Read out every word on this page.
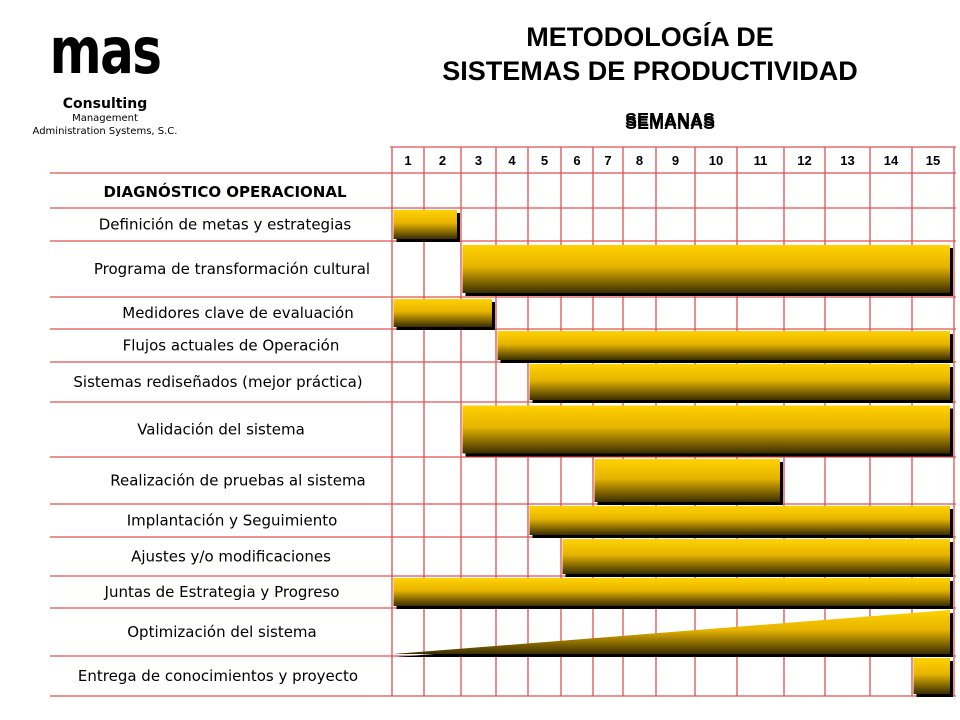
mas
Consulting
Management
Administration Systems, S.C.
METODOLOGÍA DE
SISTEMAS DE PRODUCTIVIDAD
SEMANAS
1 2 3 4 5 6 7 8 9 10 11 12 13 14 15
DIAGNÓSTICO OPERACIONAL
Definición de metas y estrategias
Programa de transformación cultural
Medidores clave de evaluación
Flujos actuales de Operación
Sistemas rediseñados (mejor práctica)
Validación del sistema
Realización de pruebas al sistema
Implantación y Seguimiento
Ajustes y/o modificaciones
Juntas de Estrategia y Progreso
Optimización del sistema
Entrega de conocimientos y proyecto
